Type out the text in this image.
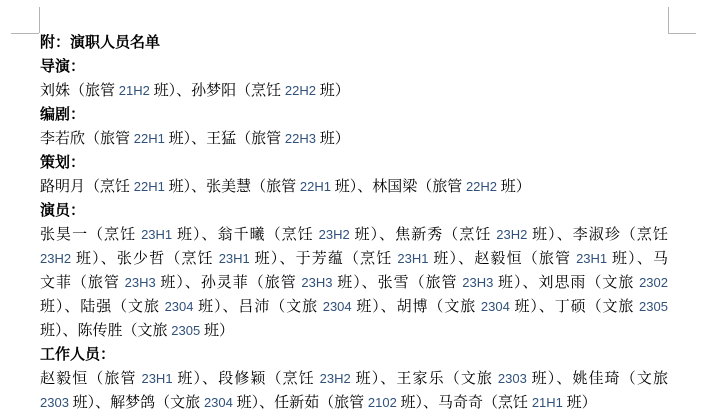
附：演职人员名单
导演：
刘姝（旅管 21H2 班）、孙梦阳（烹饪 22H2 班）
编剧：
李若欣（旅管 22H1 班）、王猛（旅管 22H3 班）
策划：
路明月（烹饪 22H1 班）、张美慧（旅管 22H1 班）、林国梁（旅管 22H2 班）
演员：
张昊一（烹饪 23H1 班）、翁千曦（烹饪 23H2 班）、焦新秀（烹饪 23H2 班）、李淑珍（烹饪
23H2 班）、张少哲（烹饪 23H1 班）、于芳蕴（烹饪 23H1 班）、赵毅恒（旅管 23H1 班）、马
文菲（旅管 23H3 班）、孙灵菲（旅管 23H3 班）、张雪（旅管 23H3 班）、刘思雨（文旅 2302
班）、陆强（文旅 2304 班）、吕沛（文旅 2304 班）、胡博（文旅 2304 班）、丁硕（文旅 2305
班）、陈传胜（文旅 2305 班）
工作人员：
赵毅恒（旅管 23H1 班）、段修颖（烹饪 23H2 班）、王家乐（文旅 2303 班）、姚佳琦（文旅
2303 班）、解梦鸽（文旅 2304 班）、任新茹（旅管 2102 班）、马奇奇（烹饪 21H1 班）
